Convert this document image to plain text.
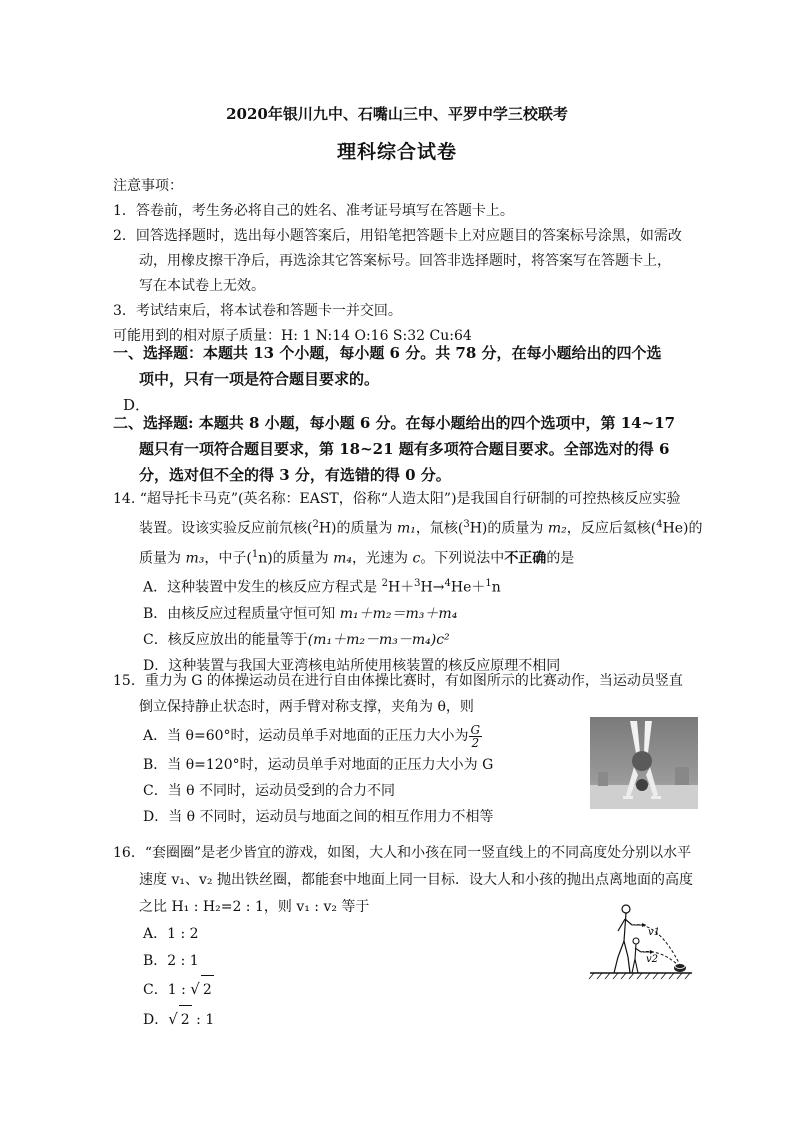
2020年银川九中、石嘴山三中、平罗中学三校联考
理科综合试卷
注意事项：
1．答卷前，考生务必将自己的姓名、准考证号填写在答题卡上。
2．回答选择题时，选出每小题答案后，用铅笔把答题卡上对应题目的答案标号涂黑，如需改
动，用橡皮擦干净后，再选涂其它答案标号。回答非选择题时，将答案写在答题卡上，
写在本试卷上无效。
3．考试结束后，将本试卷和答题卡一并交回。
可能用到的相对原子质量：H: 1 N:14 O:16 S:32 Cu:64
一、选择题：本题共 13 个小题，每小题 6 分。共 78 分，在每小题给出的四个选
项中，只有一项是符合题目要求的。
D．
二、选择题: 本题共 8 小题，每小题 6 分。在每小题给出的四个选项中，第 14~17
题只有一项符合题目要求，第 18~21 题有多项符合题目要求。全部选对的得 6
分，选对但不全的得 3 分，有选错的得 0 分。
14. “超导托卡马克”(英名称：EAST，俗称“人造太阳”)是我国自行研制的可控热核反应实验
装置。设该实验反应前氘核($^2$H)的质量为 m₁，氚核($^3$H)的质量为 m₂，反应后氦核($^4$He)的
质量为 m₃，中子($^1$n)的质量为 m₄，光速为 c。下列说法中不正确的是
A．这种装置中发生的核反应方程式是 $^2$H＋$^3$H→$^4$He＋$^1$n
B．由核反应过程质量守恒可知 m₁＋m₂＝m₃＋m₄
C．核反应放出的能量等于(m₁＋m₂－m₃－m₄)c²
D．这种装置与我国大亚湾核电站所使用核装置的核反应原理不相同
15．重力为 G 的体操运动员在进行自由体操比赛时，有如图所示的比赛动作，当运动员竖直
倒立保持静止状态时，两手臂对称支撑，夹角为 θ，则
A．当 θ=60°时，运动员单手对地面的正压力大小为 $\frac{G}{2}$
B．当 θ=120°时，运动员单手对地面的正压力大小为 G
C．当 θ 不同时，运动员受到的合力不同
D．当 θ 不同时，运动员与地面之间的相互作用力不相等
16．“套圈圈”是老少皆宜的游戏，如图，大人和小孩在同一竖直线上的不同高度处分别以水平
速度 v₁、v₂ 抛出铁丝圈，都能套中地面上同一目标．设大人和小孩的抛出点离地面的高度
之比 H₁ : H₂=2 : 1，则 v₁ : v₂ 等于
A．1 : 2
B．2 : 1
C．1 : √ 2
D．√ 2 : 1
v1
v2
